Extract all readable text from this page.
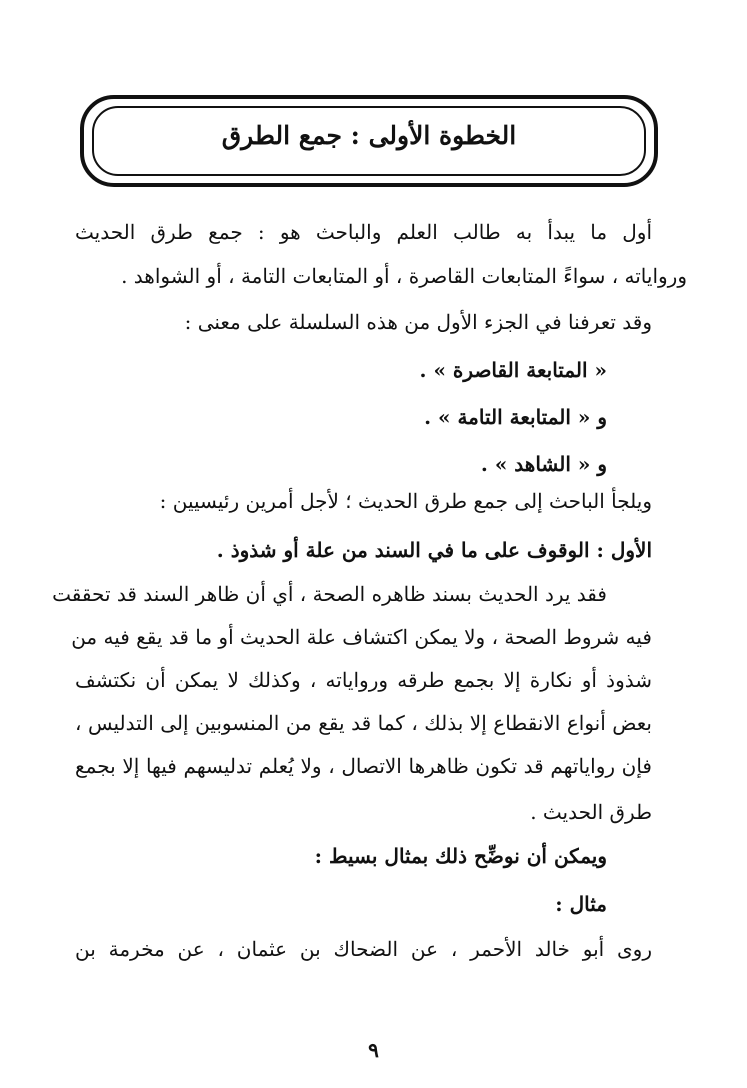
الخطوة الأولى : جمع الطرق
أول ما يبدأ به طالب العلم والباحث هو : جمع طرق الحديث
ورواياته ، سواءً المتابعات القاصرة ، أو المتابعات التامة ، أو الشواهد .
وقد تعرفنا في الجزء الأول من هذه السلسلة على معنى :
« المتابعة القاصرة » .
و « المتابعة التامة » .
و « الشاهد » .
ويلجأ الباحث إلى جمع طرق الحديث ؛ لأجل أمرين رئيسيين :
الأول : الوقوف على ما في السند من علة أو شذوذ .
فقد يرد الحديث بسند ظاهره الصحة ، أي أن ظاهر السند قد تحققت
فيه شروط الصحة ، ولا يمكن اكتشاف علة الحديث أو ما قد يقع فيه من
شذوذ أو نكارة إلا بجمع طرقه ورواياته ، وكذلك لا يمكن أن نكتشف
بعض أنواع الانقطاع إلا بذلك ، كما قد يقع من المنسوبين إلى التدليس ،
فإن رواياتهم قد تكون ظاهرها الاتصال ، ولا يُعلم تدليسهم فيها إلا بجمع
طرق الحديث .
ويمكن أن نوضِّح ذلك بمثال بسيط :
مثال :
روى أبو خالد الأحمر ، عن الضحاك بن عثمان ، عن مخرمة بن
٩
